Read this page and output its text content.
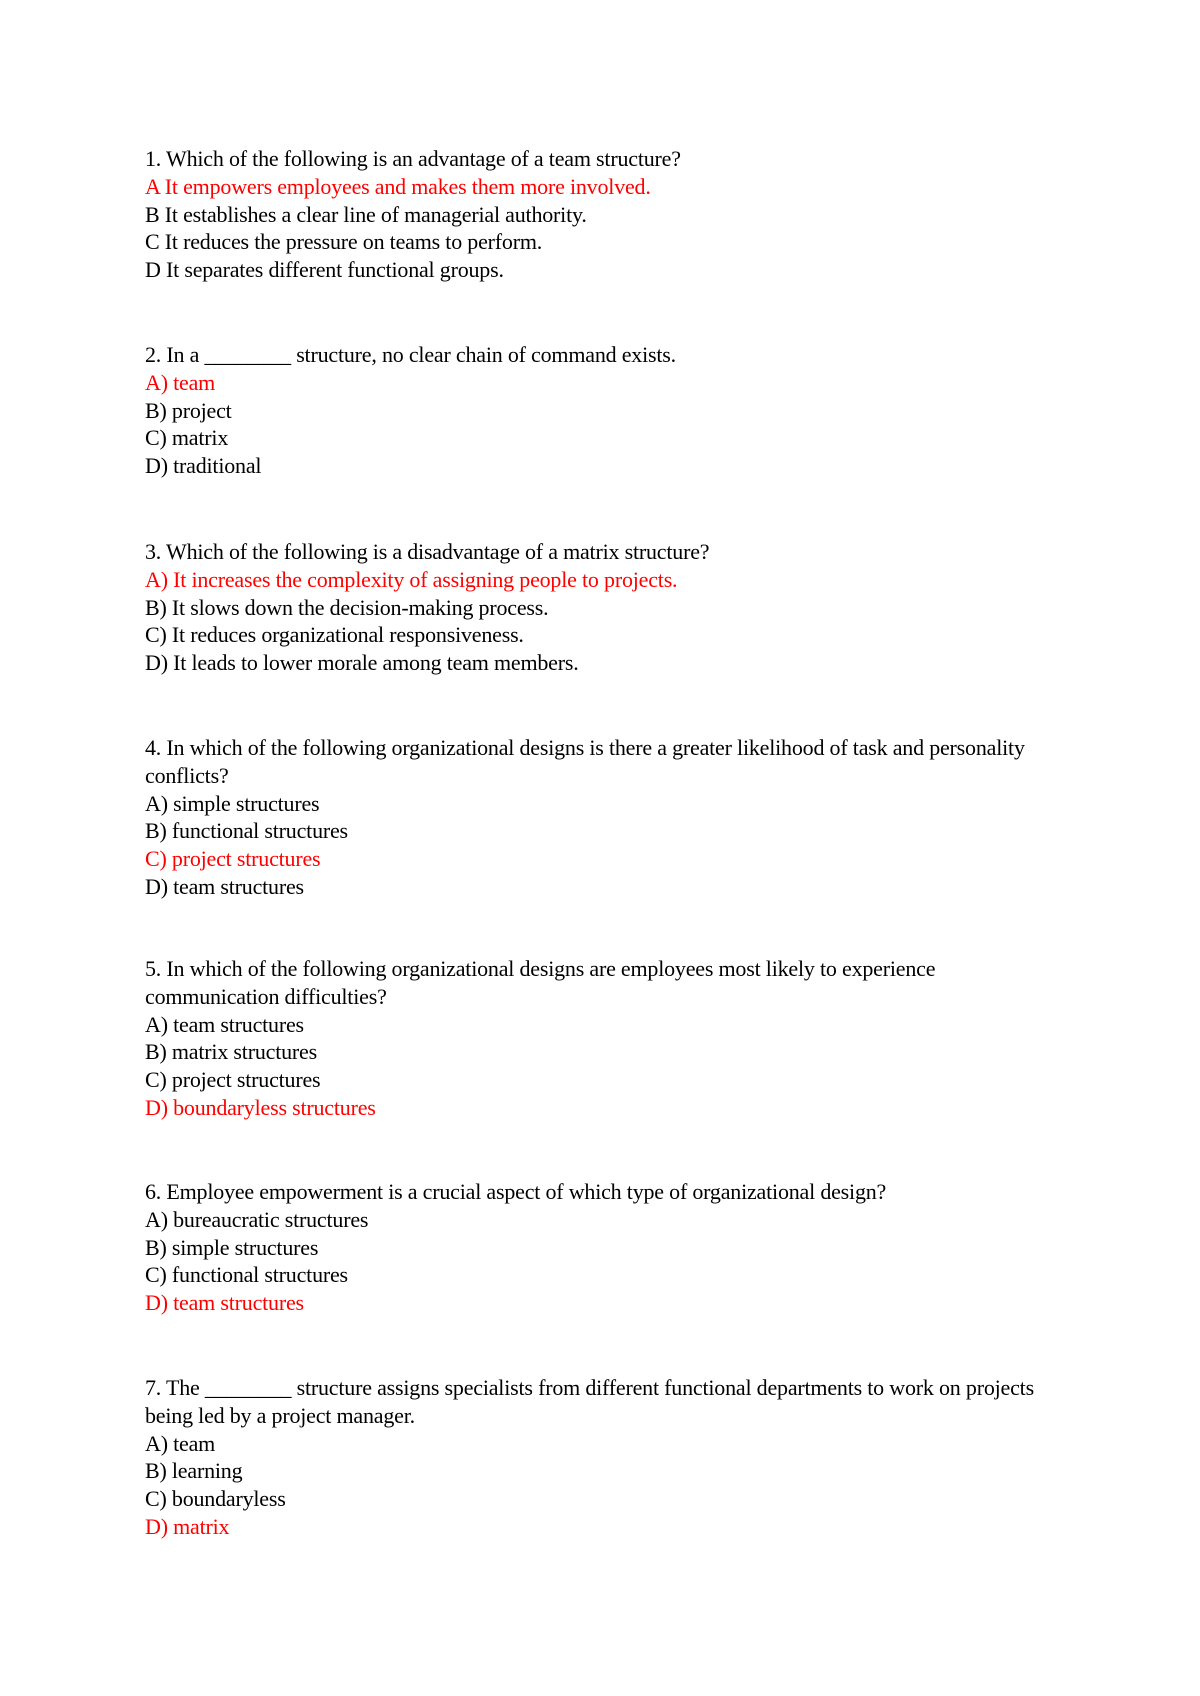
1. Which of the following is an advantage of a team structure?
A It empowers employees and makes them more involved.
B It establishes a clear line of managerial authority.
C It reduces the pressure on teams to perform.
D It separates different functional groups.
2. In a ________ structure, no clear chain of command exists.
A) team
B) project
C) matrix
D) traditional
3. Which of the following is a disadvantage of a matrix structure?
A) It increases the complexity of assigning people to projects.
B) It slows down the decision-making process.
C) It reduces organizational responsiveness.
D) It leads to lower morale among team members.
4. In which of the following organizational designs is there a greater likelihood of task and personality conflicts?
A) simple structures
B) functional structures
C) project structures
D) team structures
5. In which of the following organizational designs are employees most likely to experience communication difficulties?
A) team structures
B) matrix structures
C) project structures
D) boundaryless structures
6. Employee empowerment is a crucial aspect of which type of organizational design?
A) bureaucratic structures
B) simple structures
C) functional structures
D) team structures
7. The ________ structure assigns specialists from different functional departments to work on projects being led by a project manager.
A) team
B) learning
C) boundaryless
D) matrix
